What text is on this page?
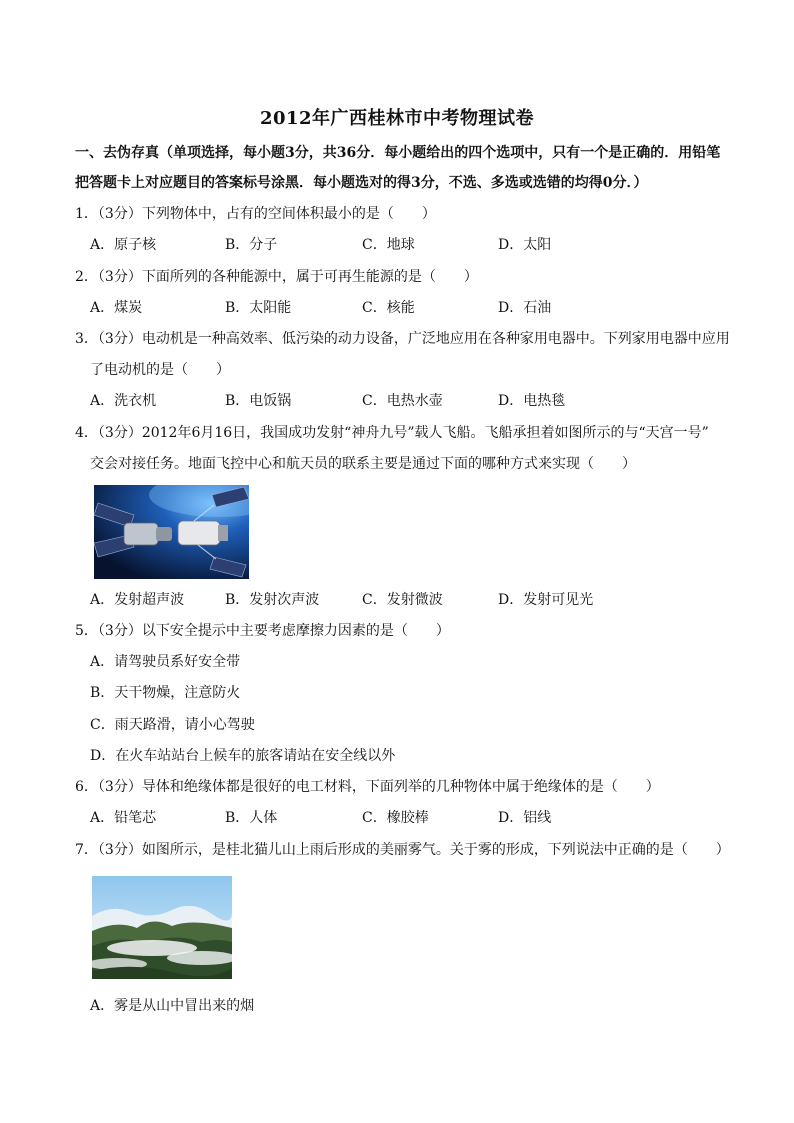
2012年广西桂林市中考物理试卷
一、去伪存真（单项选择，每小题3分，共36分．每小题给出的四个选项中，只有一个是正确的．用铅笔
把答题卡上对应题目的答案标号涂黑．每小题选对的得3分，不选、多选或选错的均得0分．）
1．（3分）下列物体中，占有的空间体积最小的是（　　）
A．原子核	B．分子	C．地球	D．太阳
2．（3分）下面所列的各种能源中，属于可再生能源的是（　　）
A．煤炭	B．太阳能	C．核能	D．石油
3．（3分）电动机是一种高效率、低污染的动力设备，广泛地应用在各种家用电器中。下列家用电器中应用
了电动机的是（　　）
A．洗衣机	B．电饭锅	C．电热水壶	D．电热毯
4．（3分）2012年6月16日，我国成功发射“神舟九号”载人飞船。飞船承担着如图所示的与“天宫一号”
交会对接任务。地面飞控中心和航天员的联系主要是通过下面的哪种方式来实现（　　）
A．发射超声波	B．发射次声波	C．发射微波	D．发射可见光
5．（3分）以下安全提示中主要考虑摩擦力因素的是（　　）
A．请驾驶员系好安全带
B．天干物燥，注意防火
C．雨天路滑，请小心驾驶
D．在火车站站台上候车的旅客请站在安全线以外
6．（3分）导体和绝缘体都是很好的电工材料，下面列举的几种物体中属于绝缘体的是（　　）
A．铅笔芯	B．人体	C．橡胶棒	D．铝线
7．（3分）如图所示，是桂北猫儿山上雨后形成的美丽雾气。关于雾的形成，下列说法中正确的是（　　）
A．雾是从山中冒出来的烟
